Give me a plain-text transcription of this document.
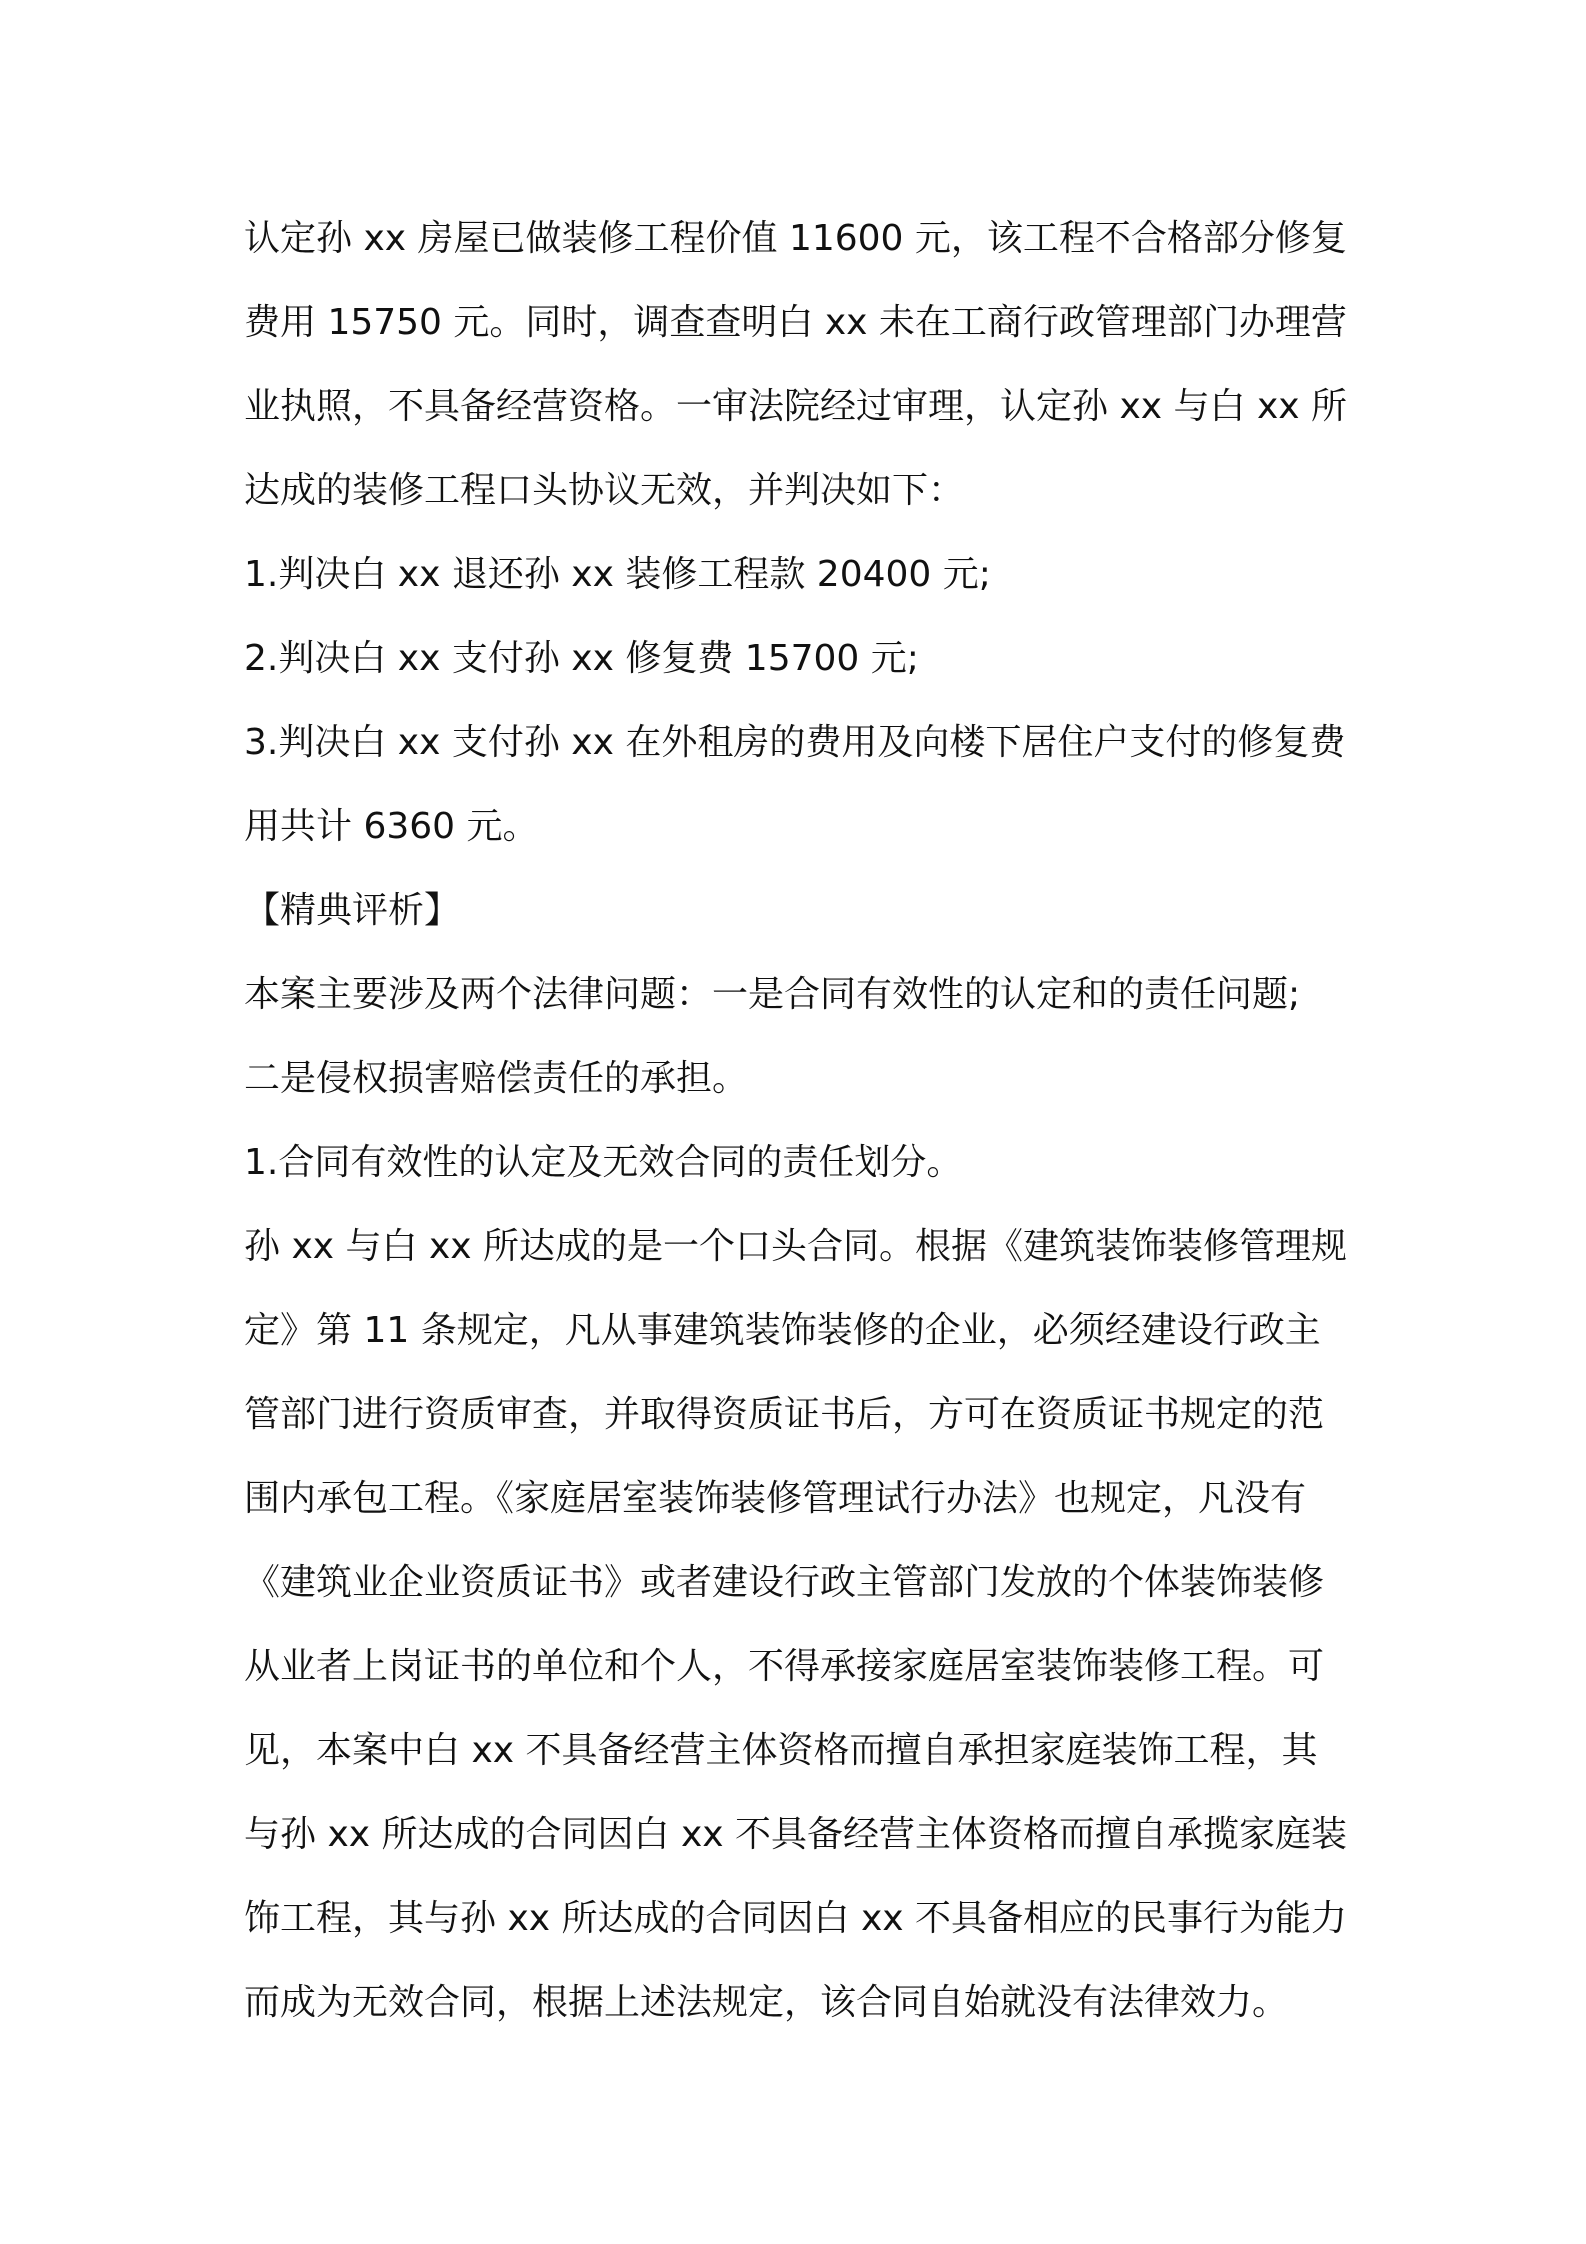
认定孙 xx 房屋已做装修工程价值 11600 元，该工程不合格部分修复
费用 15750 元。同时，调查查明白 xx 未在工商行政管理部门办理营
业执照，不具备经营资格。一审法院经过审理，认定孙 xx 与白 xx 所
达成的装修工程口头协议无效，并判决如下：
1.判决白 xx 退还孙 xx 装修工程款 20400 元;
2.判决白 xx 支付孙 xx 修复费 15700 元;
3.判决白 xx 支付孙 xx 在外租房的费用及向楼下居住户支付的修复费
用共计 6360 元。
【精典评析】
本案主要涉及两个法律问题：一是合同有效性的认定和的责任问题;
二是侵权损害赔偿责任的承担。
1.合同有效性的认定及无效合同的责任划分。
孙 xx 与白 xx 所达成的是一个口头合同。根据《建筑装饰装修管理规
定》第 11 条规定，凡从事建筑装饰装修的企业，必须经建设行政主
管部门进行资质审查，并取得资质证书后，方可在资质证书规定的范
围内承包工程。《家庭居室装饰装修管理试行办法》也规定，凡没有
《建筑业企业资质证书》或者建设行政主管部门发放的个体装饰装修
从业者上岗证书的单位和个人，不得承接家庭居室装饰装修工程。可
见，本案中白 xx 不具备经营主体资格而擅自承担家庭装饰工程，其
与孙 xx 所达成的合同因白 xx 不具备经营主体资格而擅自承揽家庭装
饰工程，其与孙 xx 所达成的合同因白 xx 不具备相应的民事行为能力
而成为无效合同，根据上述法规定，该合同自始就没有法律效力。
